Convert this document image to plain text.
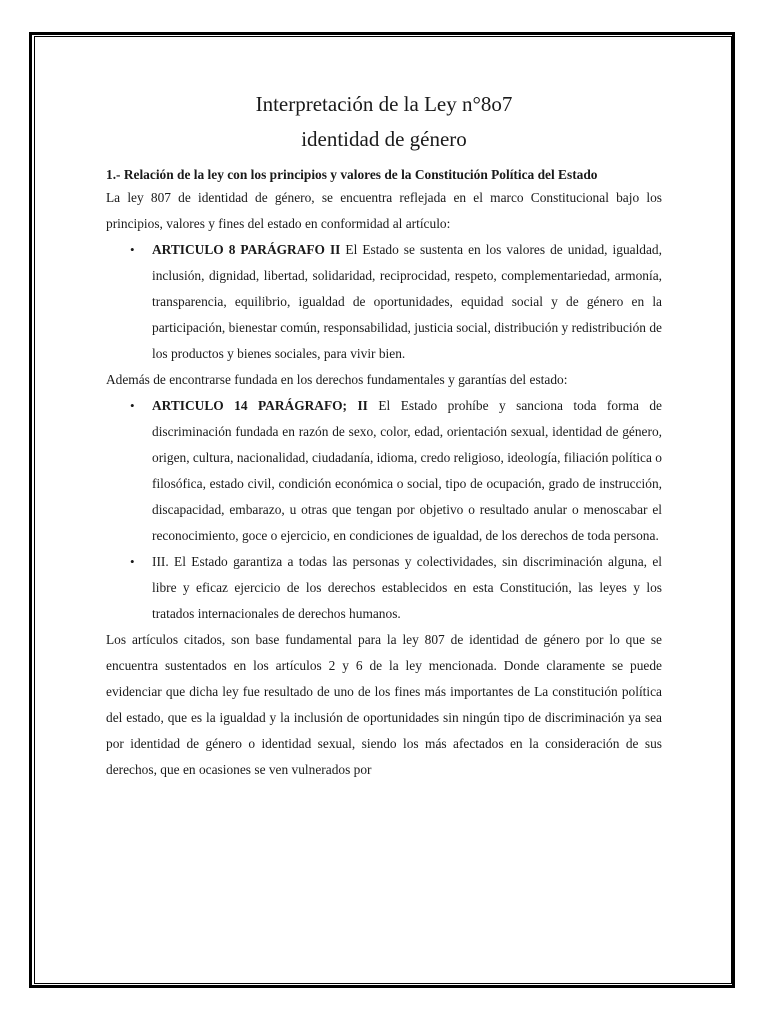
Interpretación de la Ley n°8o7
identidad de género
1.- Relación de la ley con los principios y valores de la Constitución Política del Estado

La ley 807 de identidad de género, se encuentra reflejada en el marco Constitucional bajo los principios, valores y fines del estado en conformidad al artículo:

• ARTICULO 8 PARÁGRAFO II El Estado se sustenta en los valores de unidad, igualdad, inclusión, dignidad, libertad, solidaridad, reciprocidad, respeto, complementariedad, armonía, transparencia, equilibrio, igualdad de oportunidades, equidad social y de género en la participación, bienestar común, responsabilidad, justicia social, distribución y redistribución de los productos y bienes sociales, para vivir bien.

Además de encontrarse fundada en los derechos fundamentales y garantías del estado:

• ARTICULO 14 PARÁGRAFO; II El Estado prohíbe y sanciona toda forma de discriminación fundada en razón de sexo, color, edad, orientación sexual, identidad de género, origen, cultura, nacionalidad, ciudadanía, idioma, credo religioso, ideología, filiación política o filosófica, estado civil, condición económica o social, tipo de ocupación, grado de instrucción, discapacidad, embarazo, u otras que tengan por objetivo o resultado anular o menoscabar el reconocimiento, goce o ejercicio, en condiciones de igualdad, de los derechos de toda persona.
• III. El Estado garantiza a todas las personas y colectividades, sin discriminación alguna, el libre y eficaz ejercicio de los derechos establecidos en esta Constitución, las leyes y los tratados internacionales de derechos humanos.

Los artículos citados, son base fundamental para la ley 807 de identidad de género por lo que se encuentra sustentados en los artículos 2 y 6 de la ley mencionada. Donde claramente se puede evidenciar que dicha ley fue resultado de uno de los fines más importantes de La constitución política del estado, que es la igualdad y la inclusión de oportunidades sin ningún tipo de discriminación ya sea por identidad de género o identidad sexual, siendo los más afectados en la consideración de sus derechos, que en ocasiones se ven vulnerados por
